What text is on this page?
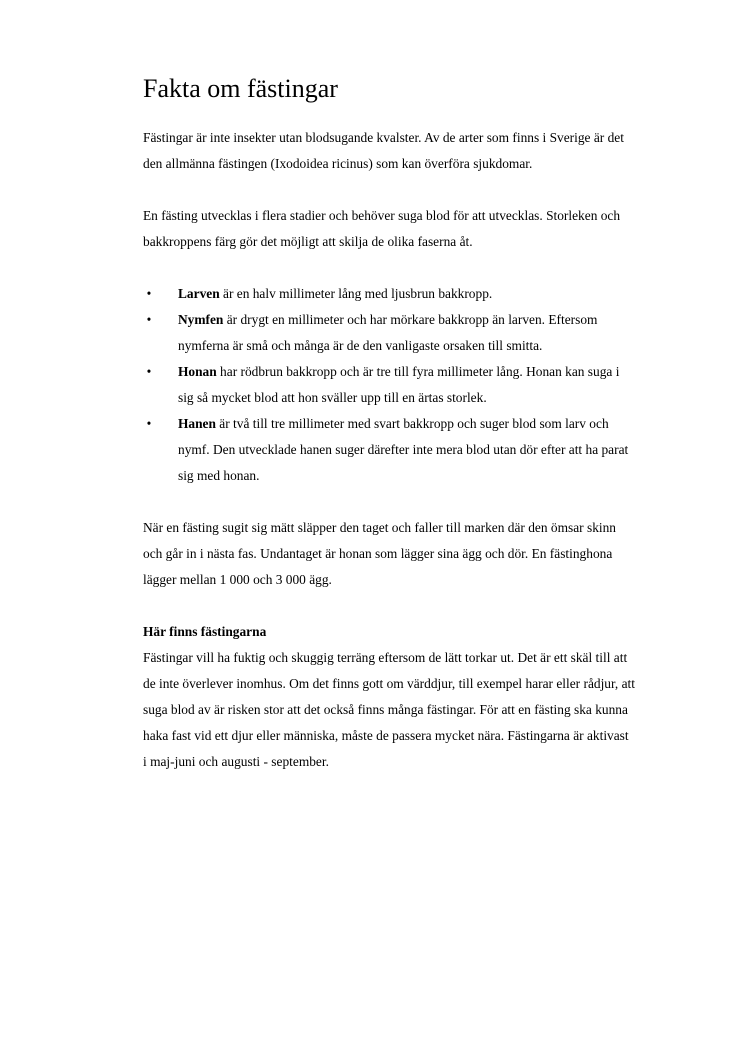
Fakta om fästingar

Fästingar är inte insekter utan blodsugande kvalster. Av de arter som finns i Sverige är det den allmänna fästingen (Ixodoidea ricinus) som kan överföra sjukdomar.

En fästing utvecklas i flera stadier och behöver suga blod för att utvecklas. Storleken och bakkroppens färg gör det möjligt att skilja de olika faserna åt.

• Larven är en halv millimeter lång med ljusbrun bakkropp.
• Nymfen är drygt en millimeter och har mörkare bakkropp än larven. Eftersom nymferna är små och många är de den vanligaste orsaken till smitta.
• Honan har rödbrun bakkropp och är tre till fyra millimeter lång. Honan kan suga i sig så mycket blod att hon sväller upp till en ärtas storlek.
• Hanen är två till tre millimeter med svart bakkropp och suger blod som larv och nymf. Den utvecklade hanen suger därefter inte mera blod utan dör efter att ha parat sig med honan.

När en fästing sugit sig mätt släpper den taget och faller till marken där den ömsar skinn och går in i nästa fas. Undantaget är honan som lägger sina ägg och dör. En fästinghona lägger mellan 1 000 och 3 000 ägg.

Här finns fästingarna

Fästingar vill ha fuktig och skuggig terräng eftersom de lätt torkar ut. Det är ett skäl till att de inte överlever inomhus. Om det finns gott om värddjur, till exempel harar eller rådjur, att suga blod av är risken stor att det också finns många fästingar. För att en fästing ska kunna haka fast vid ett djur eller människa, måste de passera mycket nära. Fästingarna är aktivast i maj-juni och augusti - september.
